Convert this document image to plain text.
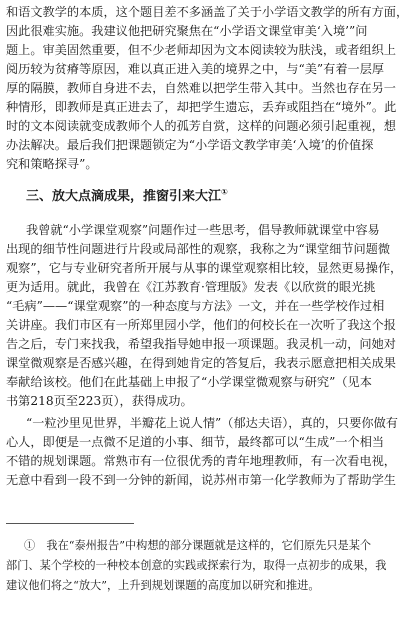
和语文教学的本质，这个题目差不多涵盖了关于小学语文教学的所有方面，
因此很难实施。我建议他把研究聚焦在“小学语文课堂审美‘入境’”问
题上。审美固然重要，但不少老师却因为文本阅读较为肤浅，或者组织上
阅历较为贫瘠等原因，难以真正进入美的境界之中，与“美”有着一层厚
厚的隔膜，教师自身进不去，自然难以把学生带入其中。当然也存在另一
种情形，即教师是真正进去了，却把学生遗忘，丢弃或阻挡在“境外”。此
时的文本阅读就变成教师个人的孤芳自赏，这样的问题必须引起重视，想
办法解决。最后我们把课题锁定为“小学语文教学审美‘入境’的价值探
究和策略探寻”。
三、放大点滴成果，推窗引来大江①
我曾就“小学课堂观察”问题作过一些思考，倡导教师就课堂中容易
出现的细节性问题进行片段或局部性的观察，我称之为“课堂细节问题微
观察”，它与专业研究者所开展与从事的课堂观察相比较，显然更易操作，
更为适用。就此，我曾在《江苏教育·管理版》发表《以欣赏的眼光挑
“毛病”——“课堂观察”的一种态度与方法》一文，并在一些学校作过相
关讲座。我们市区有一所郑里园小学，他们的何校长在一次听了我这个报
告之后，专门来找我，希望我指导她申报一项课题。我灵机一动，问她对
课堂微观察是否感兴趣，在得到她肯定的答复后，我表示愿意把相关成果
奉献给该校。他们在此基础上申报了“小学课堂微观察与研究”（见本
书第218页至223页），获得成功。
“一粒沙里见世界，半瓣花上说人情”（郁达夫语），真的，只要你做有
心人，即便是一点微不足道的小事、细节，最终都可以“生成”一个相当
不错的规划课题。常熟市有一位很优秀的青年地理教师，有一次看电视，
无意中看到一段不到一分钟的新闻，说苏州市第一化学教师为了帮助学生
①　我在“泰州报告”中构想的部分课题就是这样的，它们原先只是某个
部门、某个学校的一种校本创意的实践或探索行为，取得一点初步的成果，我
建议他们将之“放大”，上升到规划课题的高度加以研究和推进。
